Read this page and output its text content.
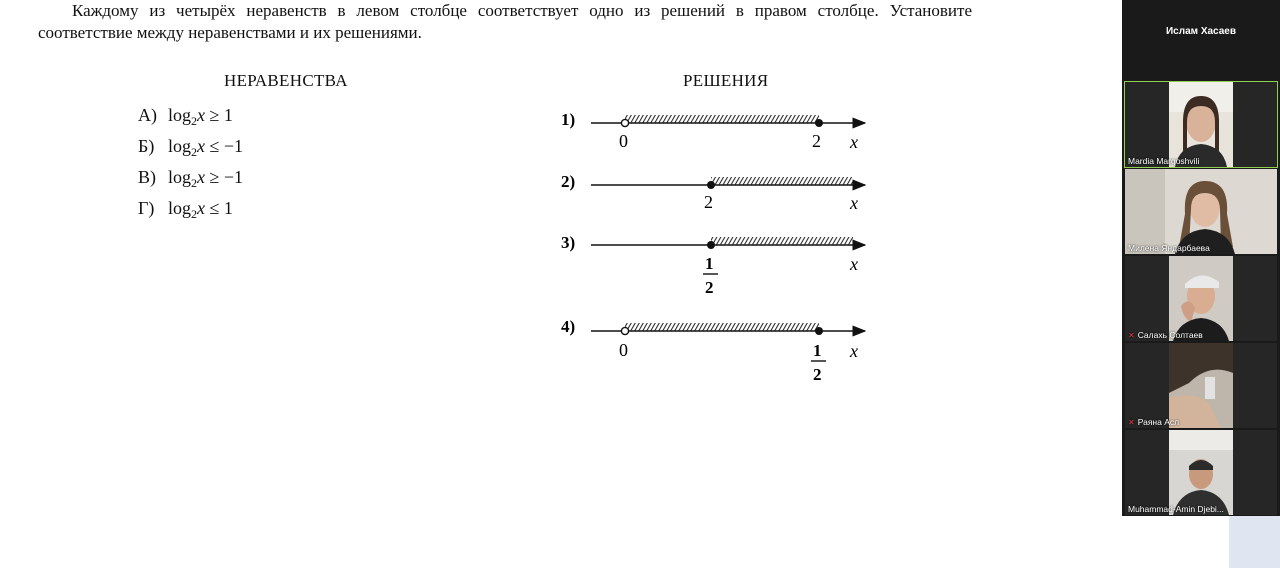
Каждому из четырёх неравенств в левом столбце соответствует одно из решений в правом столбце. Установите соответствие между неравенствами и их решениями.
НЕРАВЕНСТВА	РЕШЕНИЯ
А) $\log_2x \ge 1$
Б) $\log_2x \le -1$
В) $\log_2x \ge -1$
Г) $\log_2x \le 1$
1)
0	2 x
2)
2	x
3)
1
2
x
4)
0	1
2
x

Ислам Хасаев
Mardia Margoshvili
Милена Яндарбаева
✕ Салахь Солтаев
✕ Раяна Асл
Muhammad-Amin Djebi...
